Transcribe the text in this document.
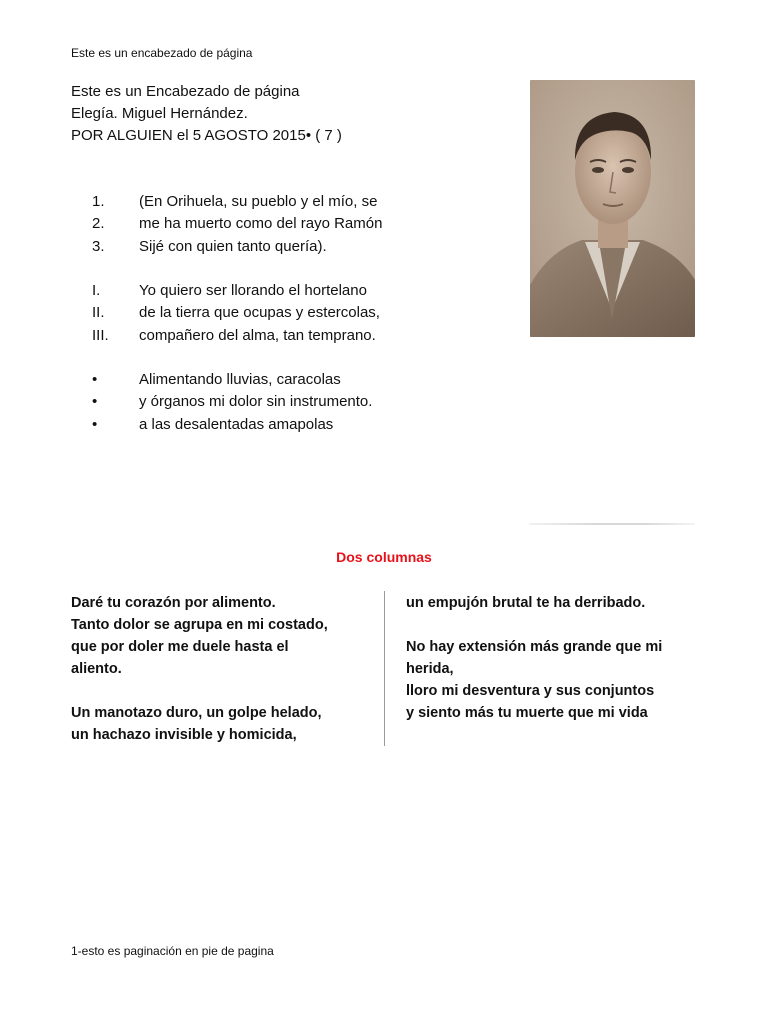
Este es un encabezado de página
Este es un Encabezado de página
Elegía. Miguel Hernández.
POR ALGUIEN el 5 AGOSTO 2015• ( 7 )
1.	(En Orihuela, su pueblo y el mío, se
2.	me ha muerto como del rayo Ramón
3.	Sijé con quien tanto quería).
I.	Yo quiero ser llorando el hortelano
II.	de la tierra que ocupas y estercolas,
III.	compañero del alma, tan temprano.
•	Alimentando lluvias, caracolas
•	y órganos mi dolor sin instrumento.
•	a las desalentadas amapolas
Dos columnas
Daré tu corazón por alimento.
Tanto dolor se agrupa en mi costado,
que por doler me duele hasta el
aliento.
Un manotazo duro, un golpe helado,
un hachazo invisible y homicida,
un empujón brutal te ha derribado.
No hay extensión más grande que mi
herida,
lloro mi desventura y sus conjuntos
y siento más tu muerte que mi vida
1-esto es paginación en pie de pagina
